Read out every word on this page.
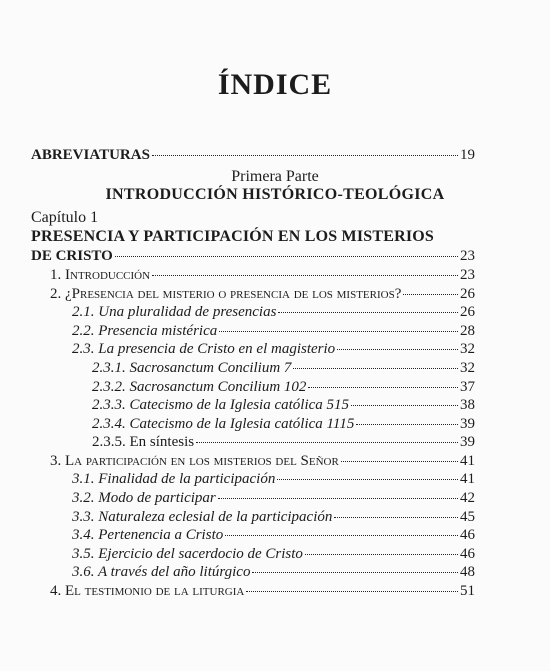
ÍNDICE
ABREVIATURAS	19
Primera Parte
INTRODUCCIÓN HISTÓRICO-TEOLÓGICA
Capítulo 1
PRESENCIA Y PARTICIPACIÓN EN LOS MISTERIOS
DE CRISTO	23
1. Introducción	23
2. ¿Presencia del misterio o presencia de los misterios?	26
2.1. Una pluralidad de presencias	26
2.2. Presencia mistérica	28
2.3. La presencia de Cristo en el magisterio	32
2.3.1. Sacrosanctum Concilium 7	32
2.3.2. Sacrosanctum Concilium 102	37
2.3.3. Catecismo de la Iglesia católica 515	38
2.3.4. Catecismo de la Iglesia católica 1115	39
2.3.5. En síntesis	39
3. La participación en los misterios del Señor	41
3.1. Finalidad de la participación	41
3.2. Modo de participar	42
3.3. Naturaleza eclesial de la participación	45
3.4. Pertenencia a Cristo	46
3.5. Ejercicio del sacerdocio de Cristo	46
3.6. A través del año litúrgico	48
4. El testimonio de la liturgia	51
